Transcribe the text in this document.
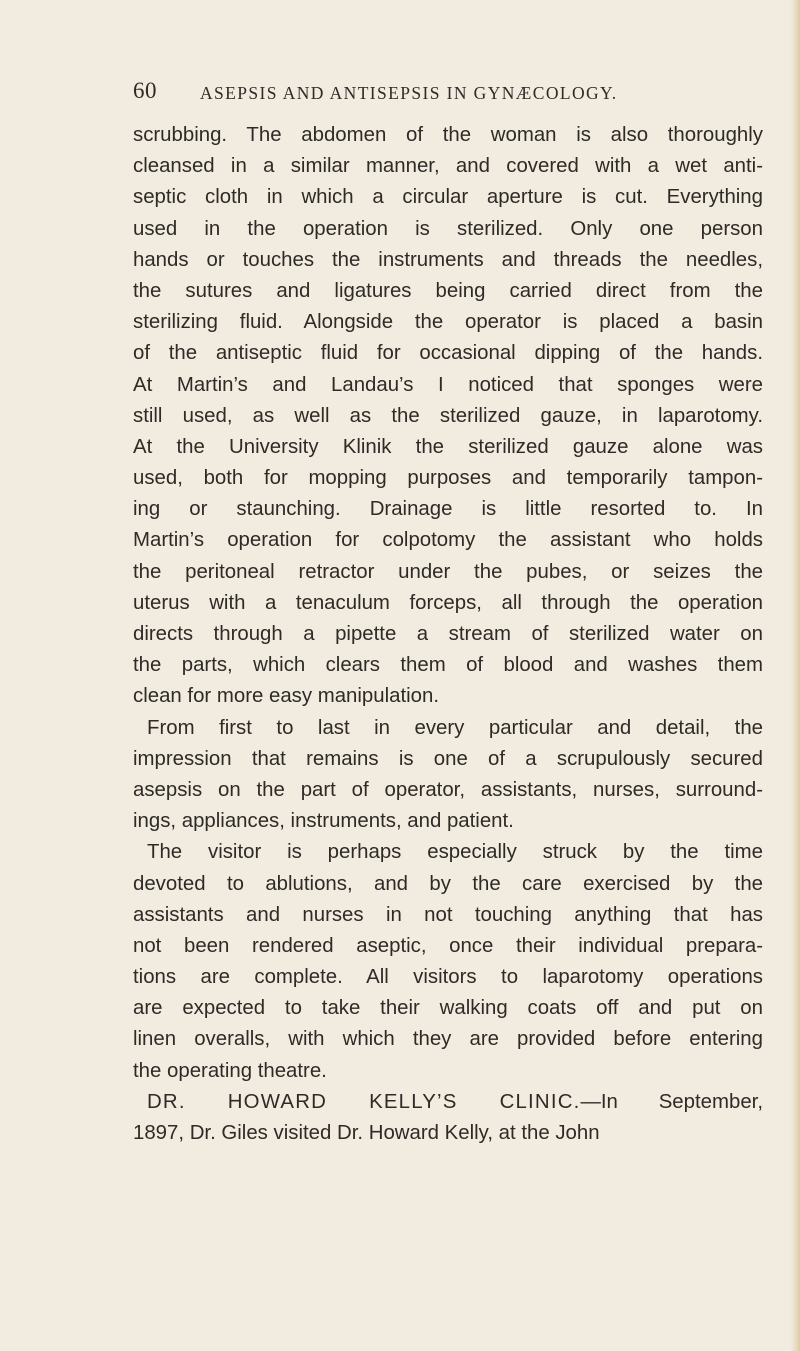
60 ASEPSIS AND ANTISEPSIS IN GYNÆCOLOGY.
scrubbing. The abdomen of the woman is also thoroughly
cleansed in a similar manner, and covered with a wet anti-
septic cloth in which a circular aperture is cut. Everything
used in the operation is sterilized. Only one person
hands or touches the instruments and threads the needles,
the sutures and ligatures being carried direct from the
sterilizing fluid. Alongside the operator is placed a basin
of the antiseptic fluid for occasional dipping of the hands.
At Martin’s and Landau’s I noticed that sponges were
still used, as well as the sterilized gauze, in laparotomy.
At the University Klinik the sterilized gauze alone was
used, both for mopping purposes and temporarily tampon-
ing or staunching. Drainage is little resorted to. In
Martin’s operation for colpotomy the assistant who holds
the peritoneal retractor under the pubes, or seizes the
uterus with a tenaculum forceps, all through the operation
directs through a pipette a stream of sterilized water on
the parts, which clears them of blood and washes them
clean for more easy manipulation.
From first to last in every particular and detail, the
impression that remains is one of a scrupulously secured
asepsis on the part of operator, assistants, nurses, surround-
ings, appliances, instruments, and patient.
The visitor is perhaps especially struck by the time
devoted to ablutions, and by the care exercised by the
assistants and nurses in not touching anything that has
not been rendered aseptic, once their individual prepara-
tions are complete. All visitors to laparotomy operations
are expected to take their walking coats off and put on
linen overalls, with which they are provided before entering
the operating theatre.
DR. HOWARD KELLY’S CLINIC.—In September,
1897, Dr. Giles visited Dr. Howard Kelly, at the John
